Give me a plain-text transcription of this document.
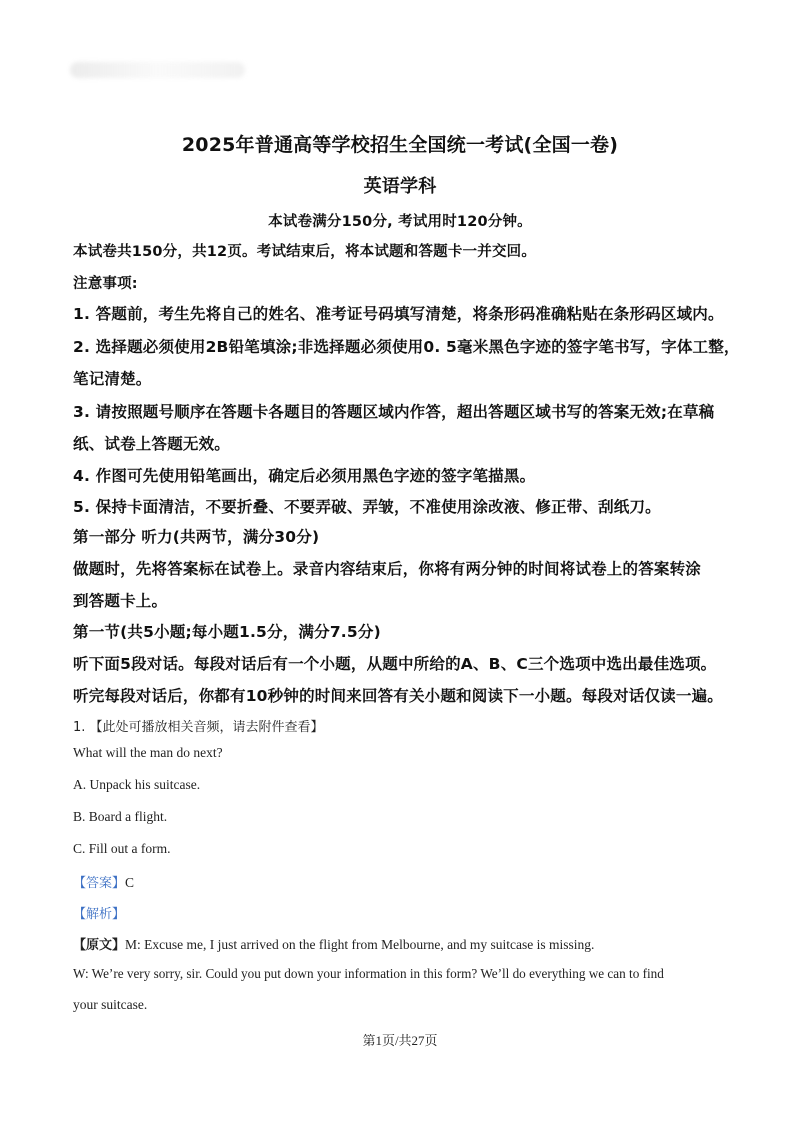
2025年普通高等学校招生全国统一考试(全国一卷)
英语学科
本试卷满分150分, 考试用时120分钟。
本试卷共150分，共12页。考试结束后，将本试题和答题卡一并交回。
注意事项:
1. 答题前，考生先将自己的姓名、准考证号码填写清楚，将条形码准确粘贴在条形码区域内。
2. 选择题必须使用2B铅笔填涂;非选择题必须使用0. 5毫米黑色字迹的签字笔书写，字体工整，
笔记清楚。
3. 请按照题号顺序在答题卡各题目的答题区域内作答，超出答题区域书写的答案无效;在草稿
纸、试卷上答题无效。
4. 作图可先使用铅笔画出，确定后必须用黑色字迹的签字笔描黑。
5. 保持卡面清洁，不要折叠、不要弄破、弄皱，不准使用涂改液、修正带、刮纸刀。
第一部分 听力(共两节，满分30分)
做题时，先将答案标在试卷上。录音内容结束后，你将有两分钟的时间将试卷上的答案转涂
到答题卡上。
第一节(共5小题;每小题1.5分，满分7.5分)
听下面5段对话。每段对话后有一个小题，从题中所给的A、B、C三个选项中选出最佳选项。
听完每段对话后，你都有10秒钟的时间来回答有关小题和阅读下一小题。每段对话仅读一遍。
1. 【此处可播放相关音频，请去附件查看】
What will the man do next?
A. Unpack his suitcase.
B. Board a flight.
C. Fill out a form.
【答案】C
【解析】
【原文】M: Excuse me, I just arrived on the flight from Melbourne, and my suitcase is missing.
W: We’re very sorry, sir. Could you put down your information in this form? We’ll do everything we can to find
your suitcase.
第1页/共27页
